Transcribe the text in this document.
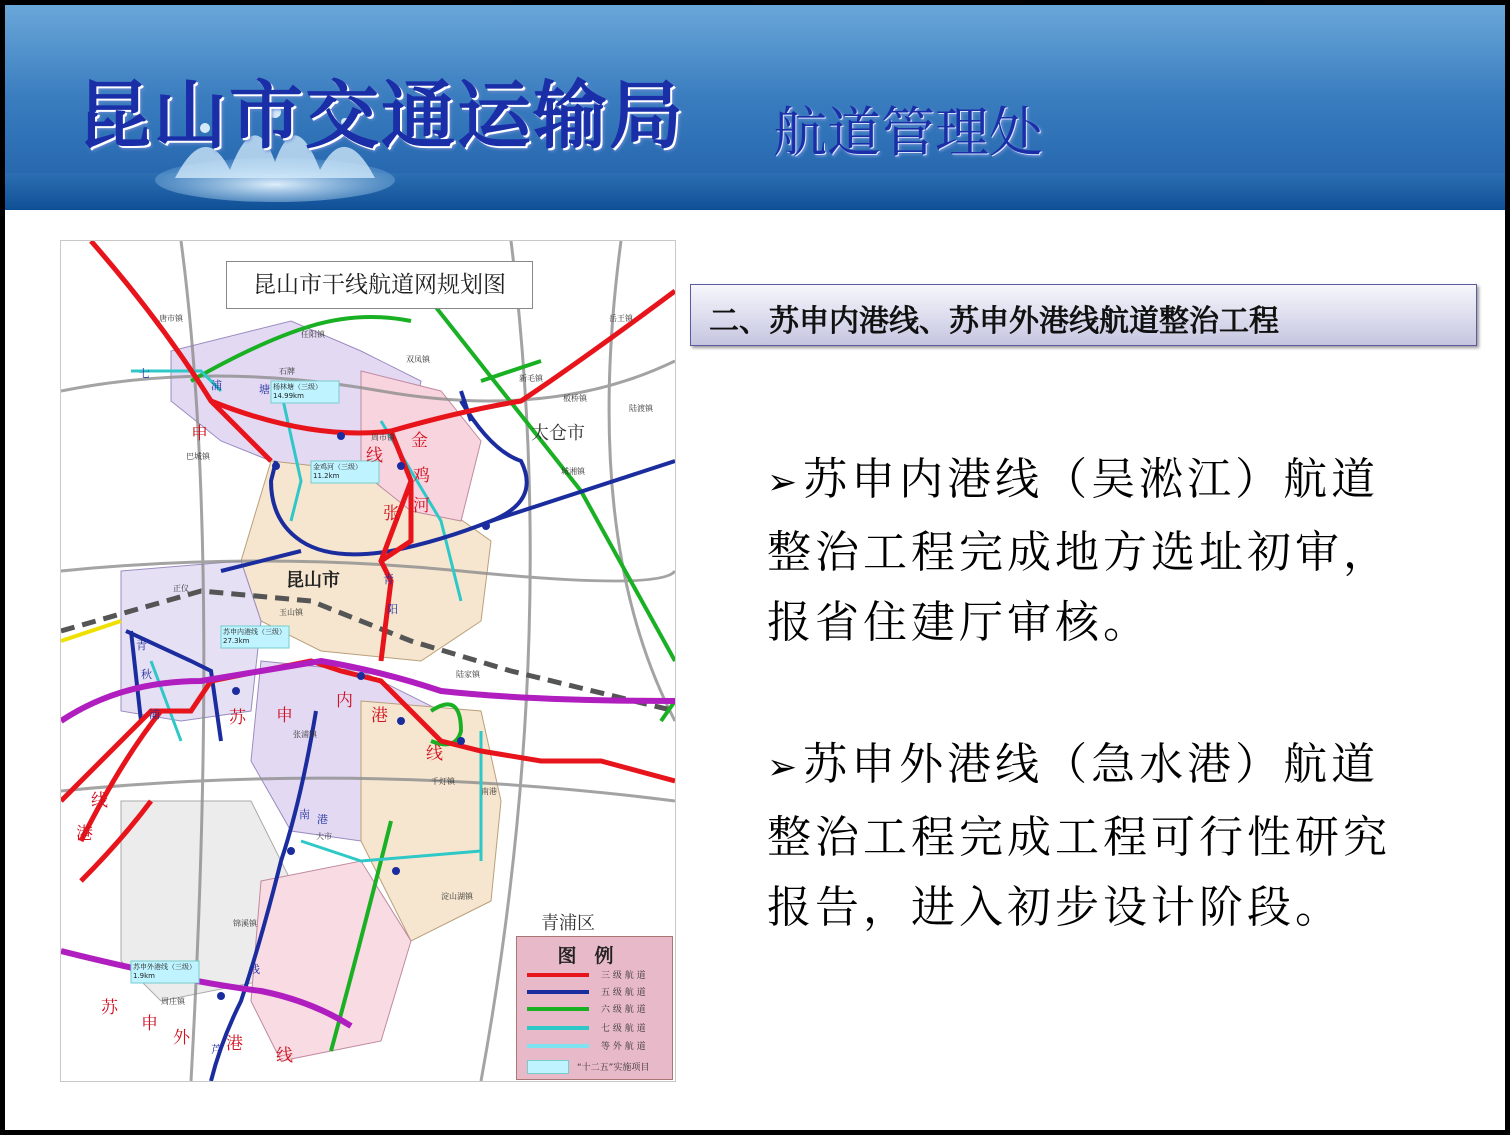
昆山市交通运输局 航道管理处
昆山市干线航道网规划图
太仓市
青浦区
昆山市
杨林塘（三级）14.99km
金鸡河（三级）11.2km
苏申内港线（三级）27.3km
苏申外港线（三级）1.9km
苏 申
内
港
线
苏
申
外 港
线
申
张
线
金
鸡
河
港
线
七
浦	塘
青
阳
青
秋
浦
南 港
芦
线
唐市镇
任阳镇
双凤镇
新毛镇
岳王镇
石牌
巴城镇
周市镇
正仪
玉山镇
张浦镇
陆家镇
淀山湖镇
千灯镇
锦溪镇
周庄镇
城湘镇
陆渡镇
板桥镇
大市
南港
图例
三 级 航 道
五 级 航 道
六 级 航 道
七 级 航 道
等 外 航 道
“十二五”实施项目
二、苏申内港线、苏申外港线航道整治工程
➢苏申内港线（吴淞江）航道整治工程完成地方选址初审，报省住建厅审核。
➢苏申外港线（急水港）航道整治工程完成工程可行性研究报告，进入初步设计阶段。
